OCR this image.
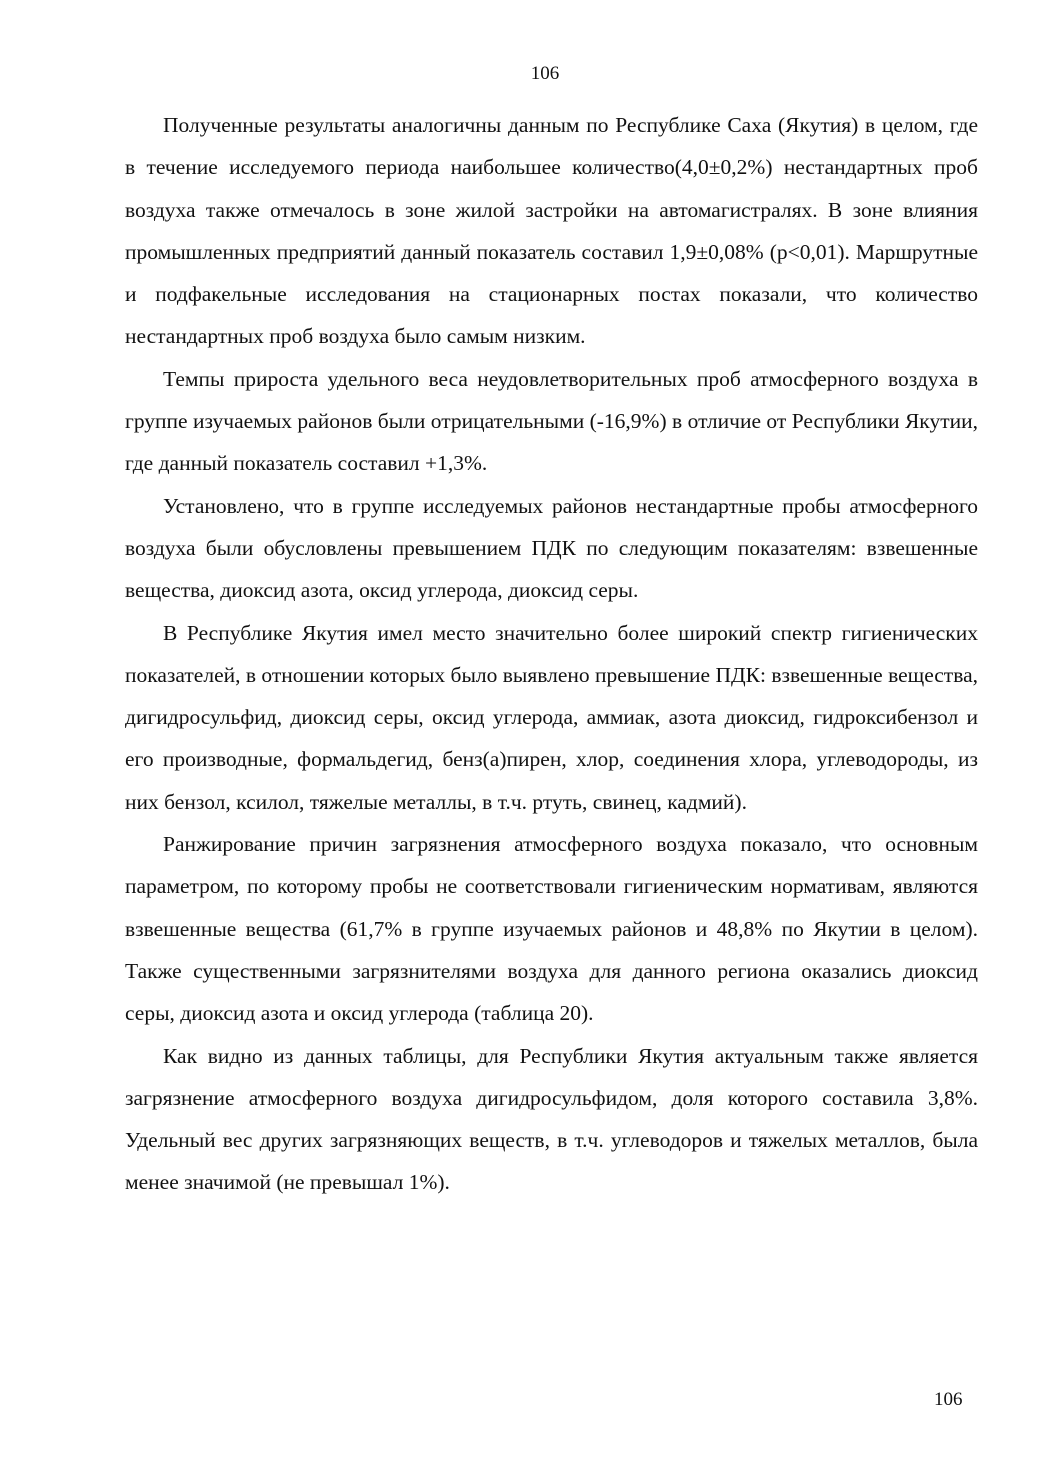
106

Полученные результаты аналогичны данным по Республике Саха (Якутия) в целом, где в течение исследуемого периода наибольшее количество(4,0±0,2%) нестандартных проб воздуха также отмечалось в зоне жилой застройки на автомагистралях. В зоне влияния промышленных предприятий данный показатель составил 1,9±0,08% (р<0,01). Маршрутные и подфакельные исследования на стационарных постах показали, что количество нестандартных проб воздуха было самым низким.

Темпы прироста удельного веса неудовлетворительных проб атмосферного воздуха в группе изучаемых районов были отрицательными (-16,9%) в отличие от Республики Якутии, где данный показатель составил +1,3%.

Установлено, что в группе исследуемых районов нестандартные пробы атмосферного воздуха были обусловлены превышением ПДК по следующим показателям: взвешенные вещества, диоксид азота, оксид углерода, диоксид серы.

В Республике Якутия имел место значительно более широкий спектр гигиенических показателей, в отношении которых было выявлено превышение ПДК: взвешенные вещества, дигидросульфид, диоксид серы, оксид углерода, аммиак, азота диоксид, гидроксибензол и его производные, формальдегид, бенз(а)пирен, хлор, соединения хлора, углеводороды, из них бензол, ксилол, тяжелые металлы, в т.ч. ртуть, свинец, кадмий).

Ранжирование причин загрязнения атмосферного воздуха показало, что основным параметром, по которому пробы не соответствовали гигиеническим нормативам, являются взвешенные вещества (61,7% в группе изучаемых районов и 48,8% по Якутии в целом). Также существенными загрязнителями воздуха для данного региона оказались диоксид серы, диоксид азота и оксид углерода (таблица 20).

Как видно из данных таблицы, для Республики Якутия актуальным также является загрязнение атмосферного воздуха дигидросульфидом, доля которого составила 3,8%. Удельный вес других загрязняющих веществ, в т.ч. углеводоров и тяжелых металлов, была менее значимой (не превышал 1%).

106
